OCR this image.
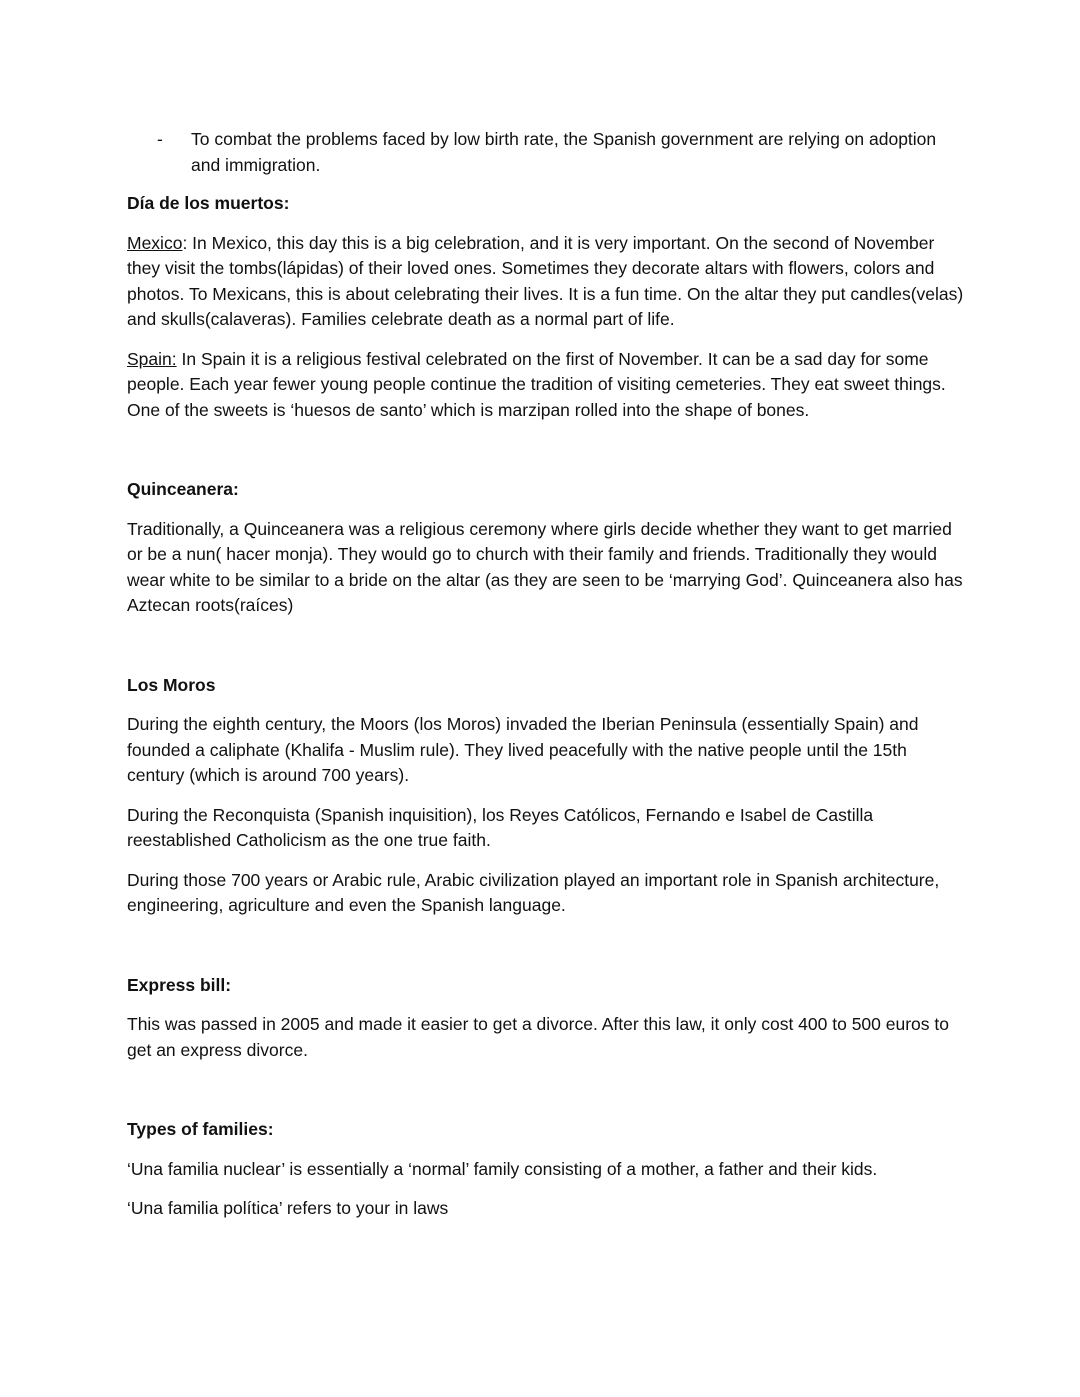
-	To combat the problems faced by low birth rate, the Spanish government are relying on adoption and immigration.
Día de los muertos:

Mexico: In Mexico, this day this is a big celebration, and it is very important. On the second of November they visit the tombs(lápidas) of their loved ones. Sometimes they decorate altars with flowers, colors and photos. To Mexicans, this is about celebrating their lives. It is a fun time. On the altar they put candles(velas) and skulls(calaveras). Families celebrate death as a normal part of life.

Spain: In Spain it is a religious festival celebrated on the first of November. It can be a sad day for some people. Each year fewer young people continue the tradition of visiting cemeteries. They eat sweet things. One of the sweets is ‘huesos de santo’ which is marzipan rolled into the shape of bones.

Quinceanera:

Traditionally, a Quinceanera was a religious ceremony where girls decide whether they want to get married or be a nun( hacer monja). They would go to church with their family and friends. Traditionally they would wear white to be similar to a bride on the altar (as they are seen to be ‘marrying God’. Quinceanera also has Aztecan roots(raíces)

Los Moros

During the eighth century, the Moors (los Moros) invaded the Iberian Peninsula (essentially Spain) and founded a caliphate (Khalifa - Muslim rule). They lived peacefully with the native people until the 15th century (which is around 700 years).

During the Reconquista (Spanish inquisition), los Reyes Católicos, Fernando e Isabel de Castilla reestablished Catholicism as the one true faith.

During those 700 years or Arabic rule, Arabic civilization played an important role in Spanish architecture, engineering, agriculture and even the Spanish language.

Express bill:

This was passed in 2005 and made it easier to get a divorce. After this law, it only cost 400 to 500 euros to get an express divorce.

Types of families:

‘Una familia nuclear’ is essentially a ‘normal’ family consisting of a mother, a father and their kids.

‘Una familia política’ refers to your in laws
